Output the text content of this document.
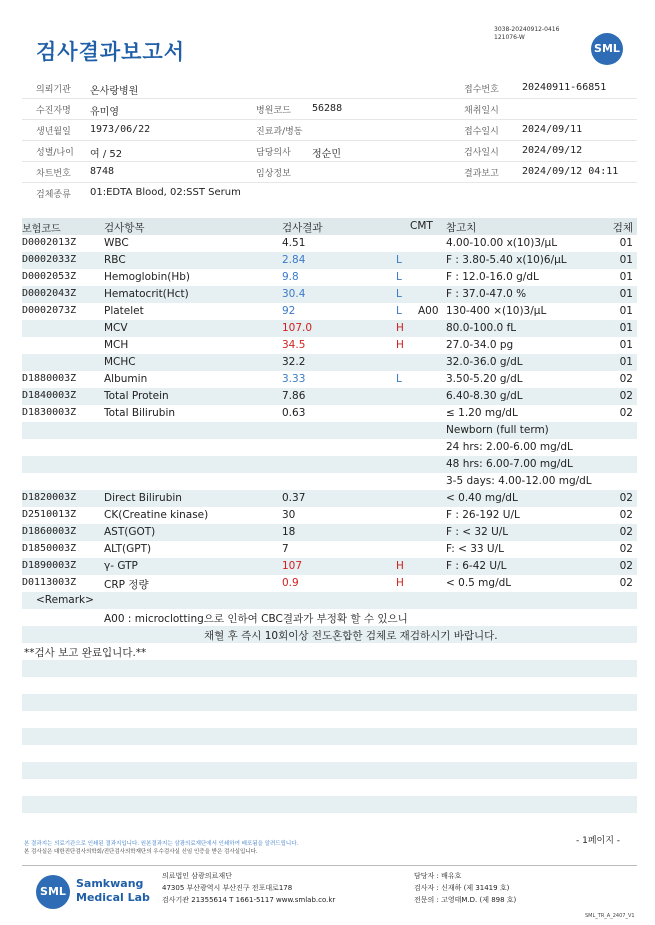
검사결과보고서
3038-20240912-0416
121076-W
SML
의뢰기관 온사랑병원	접수번호 20240911-66851
수진자명 유미영	병원코드 56288	채취일시
생년월일 1973/06/22	진료과/병동	접수일시 2024/09/11
성별/나이 여 / 52	담당의사 정순민	검사일시 2024/09/12
차트번호 8748	임상정보	결과보고 2024/09/12 04:11
검체종류 01:EDTA Blood, 02:SST Serum
보험코드	검사항목	검사결과	CMT 참고치	검체
D0002013Z	WBC	4.51	4.00-10.00 x(10)3/μL	01
D0002033Z	RBC	2.84	L	F : 3.80-5.40 x(10)6/μL	01
D0002053Z	Hemoglobin(Hb)	9.8	L	F : 12.0-16.0 g/dL	01
D0002043Z	Hematocrit(Hct)	30.4	L	F : 37.0-47.0 %	01
D0002073Z	Platelet	92	L A00 130-400 ×(10)3/μL	01
MCV	107.0	H	80.0-100.0 fL	01
MCH	34.5	H	27.0-34.0 pg	01
MCHC	32.2	32.0-36.0 g/dL	01
D1880003Z	Albumin	3.33	L	3.50-5.20 g/dL	02
D1840003Z	Total Protein	7.86	6.40-8.30 g/dL	02
D1830003Z	Total Bilirubin	0.63	≤ 1.20 mg/dL	02
Newborn (full term)
24 hrs: 2.00-6.00 mg/dL
48 hrs: 6.00-7.00 mg/dL
3-5 days: 4.00-12.00 mg/dL
D1820003Z	Direct Bilirubin	0.37	< 0.40 mg/dL	02
D2510013Z	CK(Creatine kinase)	30	F : 26-192 U/L	02
D1860003Z	AST(GOT)	18	F : < 32 U/L	02
D1850003Z	ALT(GPT)	7	F: < 33 U/L	02
D1890003Z	γ- GTP	107	H	F : 6-42 U/L	02
D0113003Z	CRP 정량	0.9	H	< 0.5 mg/dL	02
<Remark>
A00 : microclotting으로 인하여 CBC결과가 부정확 할 수 있으니
채혈 후 즉시 10회이상 전도혼합한 검체로 재검하시기 바랍니다.
**검사 보고 완료입니다.**
본 결과지는 의료기관으로 인쇄된 결과지입니다. 원본결과지는 삼광의료재단에서 인쇄하여 배포됨을 알려드립니다.
본 검사실은 대한진단검사의학회/진단검사의학재단의 우수검사실 신임 인증을 받은 검사실입니다.
- 1페이지 -
SML
Samkwang
Medical Lab
의료법인 삼광의료재단
47305 부산광역시 부산진구 전포대로178
검사기관 21355614 T 1661-5117 www.smlab.co.kr
담당자 : 배유호
검사자 : 신재하 (제 31419 호)
전문의 : 고영태M.D. (제 898 호)
SML_TR_A_2407_V1
